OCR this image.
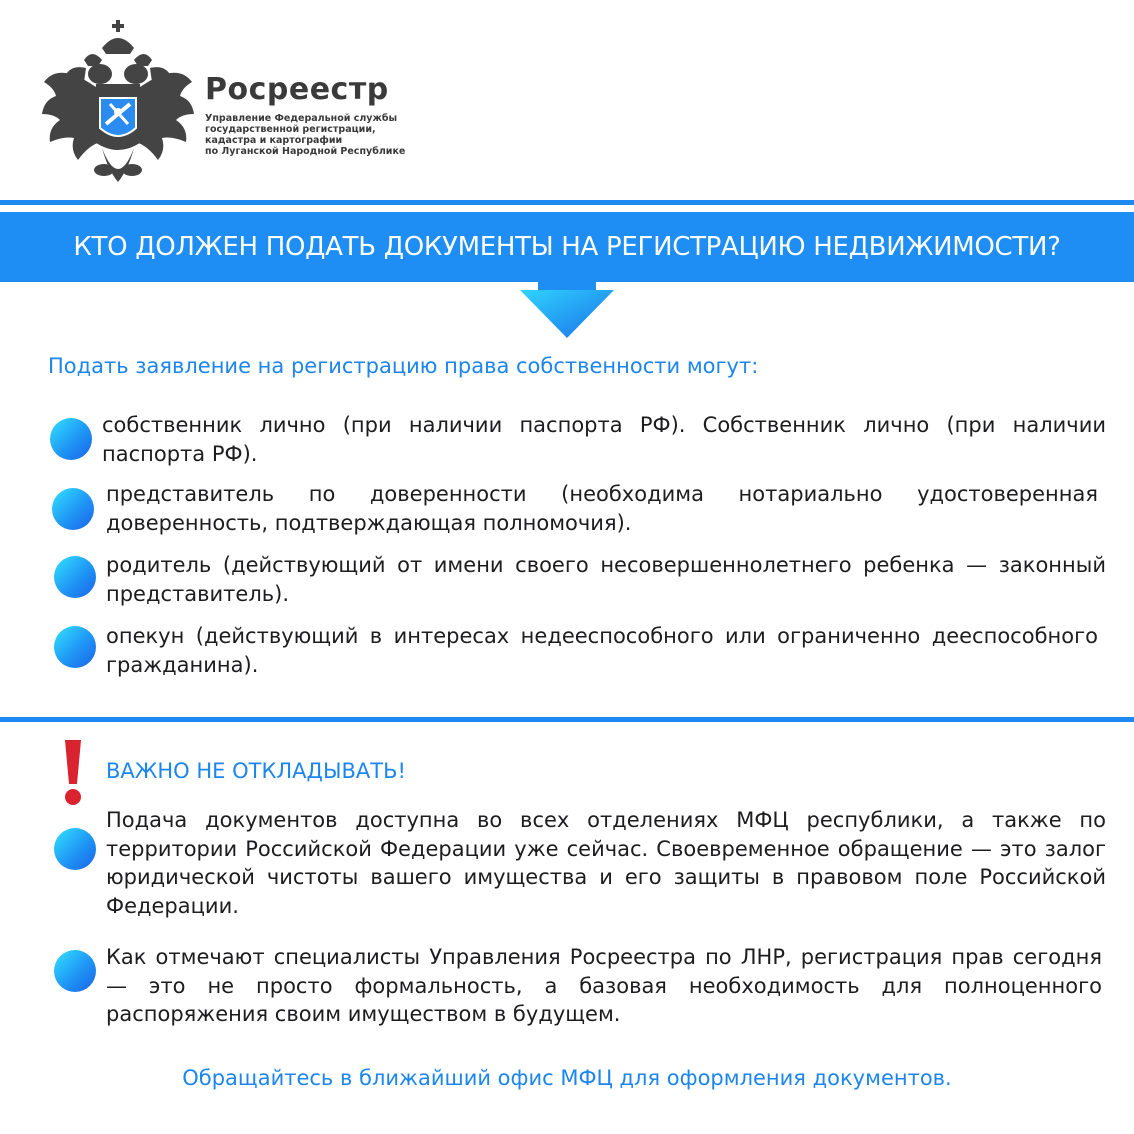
Росреестр
Управление Федеральной службы
государственной регистрации,
кадастра и картографии
по Луганской Народной Республике
КТО ДОЛЖЕН ПОДАТЬ ДОКУМЕНТЫ НА РЕГИСТРАЦИЮ НЕДВИЖИМОСТИ?
Подать заявление на регистрацию права собственности могут:
собственник лично (при наличии паспорта РФ). Собственник лично (при наличии паспорта РФ).
представитель по доверенности (необходима нотариально удостоверенная доверенность, подтверждающая полномочия).
родитель (действующий от имени своего несовершеннолетнего ребенка — законный представитель).
опекун (действующий в интересах недееспособного или ограниченно дееспособного гражданина).
ВАЖНО НЕ ОТКЛАДЫВАТЬ!
Подача документов доступна во всех отделениях МФЦ республики, а также по территории Российской Федерации уже сейчас. Своевременное обращение — это залог юридической чистоты вашего имущества и его защиты в правовом поле Российской Федерации.
Как отмечают специалисты Управления Росреестра по ЛНР, регистрация прав сегодня — это не просто формальность, а базовая необходимость для полноценного распоряжения своим имуществом в будущем.
Обращайтесь в ближайший офис МФЦ для оформления документов.
